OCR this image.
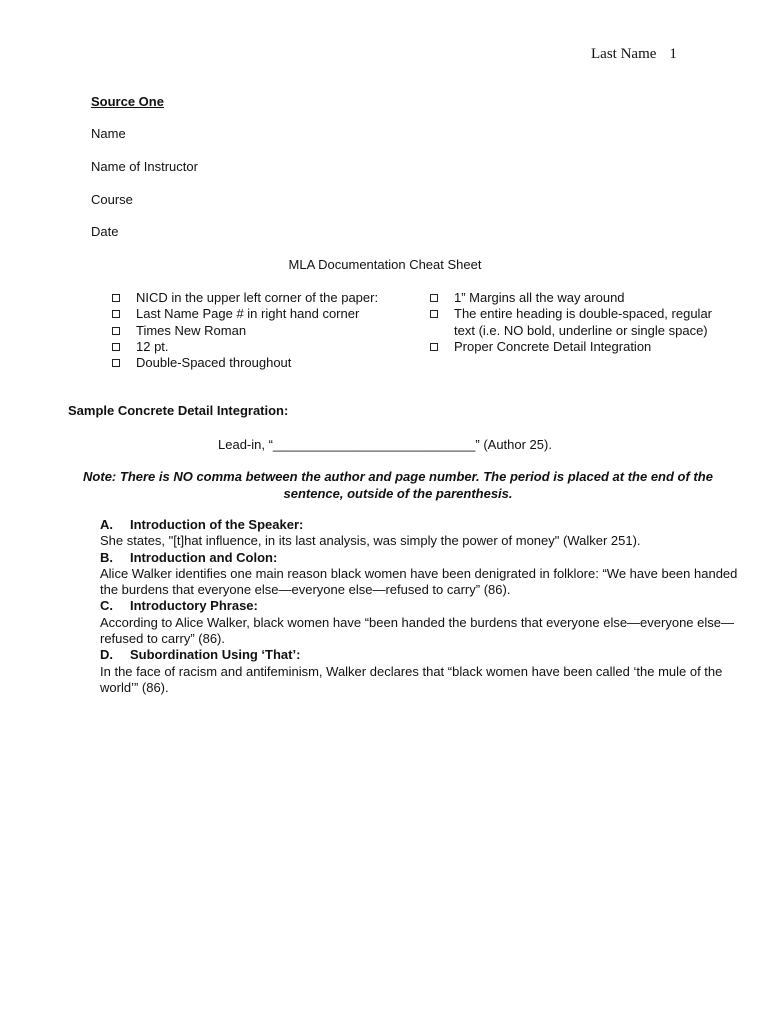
Last Name 1
Source One
Name
Name of Instructor
Course
Date
MLA Documentation Cheat Sheet
NICD in the upper left corner of the paper:
Last Name Page # in right hand corner
Times New Roman
12 pt.
Double-Spaced throughout
1” Margins all the way around
The entire heading is double-spaced, regular
text (i.e. NO bold, underline or single space)
Proper Concrete Detail Integration
Sample Concrete Detail Integration:
Lead-in, “____________________________” (Author 25).
Note: There is NO comma between the author and page number. The period is placed at the end of the sentence, outside of the parenthesis.
A.	Introduction of the Speaker:
She states, "[t]hat influence, in its last analysis, was simply the power of money" (Walker 251).
B.	Introduction and Colon:
Alice Walker identifies one main reason black women have been denigrated in folklore: “We have been handed the burdens that everyone else—everyone else—refused to carry” (86).
C.	Introductory Phrase:
According to Alice Walker, black women have “been handed the burdens that everyone else—everyone else—refused to carry” (86).
D.	Subordination Using ‘That’:
In the face of racism and antifeminism, Walker declares that “black women have been called ‘the mule of the world’” (86).
